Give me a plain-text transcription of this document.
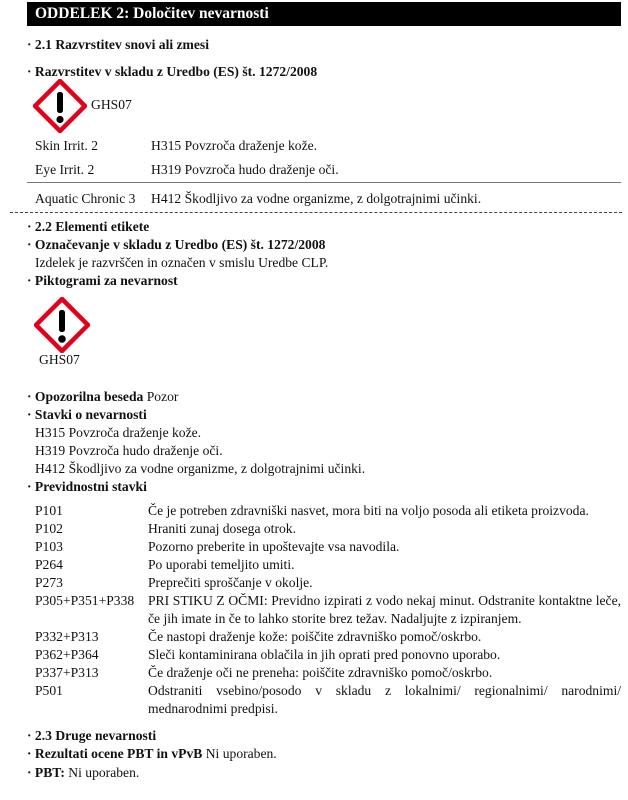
ODDELEK 2: Določitev nevarnosti
· 2.1 Razvrstitev snovi ali zmesi
· Razvrstitev v skladu z Uredbo (ES) št. 1272/2008
GHS07
Skin Irrit. 2	H315 Povzroča draženje kože.
Eye Irrit. 2	H319 Povzroča hudo draženje oči.
Aquatic Chronic 3 H412 Škodljivo za vodne organizme, z dolgotrajnimi učinki.
· 2.2 Elementi etikete
· Označevanje v skladu z Uredbo (ES) št. 1272/2008
Izdelek je razvrščen in označen v smislu Uredbe CLP.
· Piktogrami za nevarnost
GHS07
· Opozorilna beseda Pozor
· Stavki o nevarnosti
H315 Povzroča draženje kože.
H319 Povzroča hudo draženje oči.
H412 Škodljivo za vodne organizme, z dolgotrajnimi učinki.
· Previdnostni stavki
P101	Če je potreben zdravniški nasvet, mora biti na voljo posoda ali etiketa proizvoda.
P102	Hraniti zunaj dosega otrok.
P103	Pozorno preberite in upoštevajte vsa navodila.
P264	Po uporabi temeljito umiti.
P273	Preprečiti sproščanje v okolje.
P305+P351+P338 PRI STIKU Z OČMI: Previdno izpirati z vodo nekaj minut. Odstranite kontaktne leče, če jih imate in če to lahko storite brez težav. Nadaljujte z izpiranjem.
P332+P313	Če nastopi draženje kože: poiščite zdravniško pomoč/oskrbo.
P362+P364	Sleči kontaminirana oblačila in jih oprati pred ponovno uporabo.
P337+P313	Če draženje oči ne preneha: poiščite zdravniško pomoč/oskrbo.
P501	Odstraniti vsebino/posodo v skladu z lokalnimi/ regionalnimi/ narodnimi/ mednarodnimi predpisi.
· 2.3 Druge nevarnosti
· Rezultati ocene PBT in vPvB Ni uporaben.
· PBT: Ni uporaben.
